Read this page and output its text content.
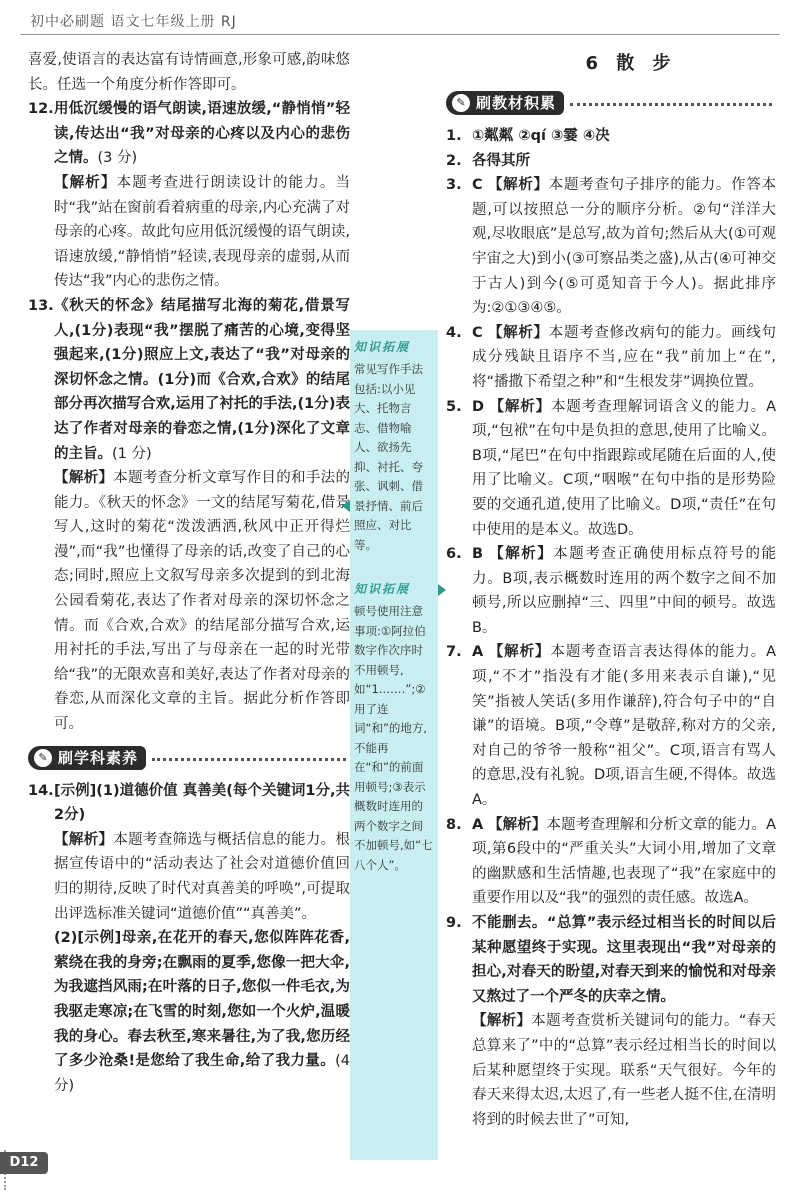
初中必刷题 语文七年级上册 RJ

喜爱,使语言的表达富有诗情画意,形象可感,韵味悠长。任选一个角度分析作答即可。

12. 用低沉缓慢的语气朗读,语速放缓,“静悄悄”轻读,传达出“我”对母亲的心疼以及内心的悲伤之情。(3 分)

【解析】本题考查进行朗读设计的能力。当时“我”站在窗前看着病重的母亲,内心充满了对母亲的心疼。故此句应用低沉缓慢的语气朗读,语速放缓,“静悄悄”轻读,表现母亲的虚弱,从而传达“我”内心的悲伤之情。

13. 《秋天的怀念》结尾描写北海的菊花,借景写人,(1分)表现“我”摆脱了痛苦的心境,变得坚强起来,(1分)照应上文,表达了“我”对母亲的深切怀念之情。(1分)而《合欢,合欢》的结尾部分再次描写合欢,运用了衬托的手法,(1分)表达了作者对母亲的眷恋之情,(1分)深化了文章的主旨。(1 分)

【解析】本题考查分析文章写作目的和手法的能力。《秋天的怀念》一文的结尾写菊花,借景写人,这时的菊花“泼泼洒洒,秋风中正开得烂漫”,而“我”也懂得了母亲的话,改变了自己的心态;同时,照应上文叙写母亲多次提到的到北海公园看菊花,表达了作者对母亲的深切怀念之情。而《合欢,合欢》的结尾部分描写合欢,运用衬托的手法,写出了与母亲在一起的时光带给“我”的无限欢喜和美好,表达了作者对母亲的眷恋,从而深化文章的主旨。据此分析作答即可。

✎ 刷学科素养
14. [示例](1)道德价值 真善美(每个关键词1分,共2分)

【解析】本题考查筛选与概括信息的能力。根据宣传语中的“活动表达了社会对道德价值回归的期待,反映了时代对真善美的呼唤”,可提取出评选标准关键词“道德价值”“真善美”。

(2)[示例]母亲,在花开的春天,您似阵阵花香,萦绕在我的身旁;在飘雨的夏季,您像一把大伞,为我遮挡风雨;在叶落的日子,您似一件毛衣,为我驱走寒凉;在飞雪的时刻,您如一个火炉,温暖我的身心。春去秋至,寒来暑往,为了我,您历经了多少沧桑!是您给了我生命,给了我力量。(4 分)

知识拓展
常见写作手法包括:以小见大、托物言志、借物喻人、欲扬先抑、衬托、夸张、讽刺、借景抒情、前后照应、对比等。
知识拓展
顿号使用注意事项:①阿拉伯数字作次序时不用顿号,如“1.……”;②用了连词“和”的地方,不能再在“和”的前面用顿号;③表示概数时连用的两个数字之间不加顿号,如“七八个人”。
6 散 步
✎ 刷教材积累
1. ①粼粼 ②qí ③霎 ④决

2. 各得其所

3. C 【解析】本题考查句子排序的能力。作答本题,可以按照总一分的顺序分析。②句“洋洋大观,尽收眼底”是总写,故为首句;然后从大(①可观宇宙之大)到小(③可察品类之盛),从古(④可神交于古人)到今(⑤可觅知音于今人)。据此排序为:②①③④⑤。

4. C 【解析】本题考查修改病句的能力。画线句成分残缺且语序不当,应在“我”前加上“在”,将“播撒下希望之种”和“生根发芽”调换位置。

5. D 【解析】本题考查理解词语含义的能力。A项,“包袱”在句中是负担的意思,使用了比喻义。B项,“尾巴”在句中指跟踪或尾随在后面的人,使用了比喻义。C项,“咽喉”在句中指的是形势险要的交通孔道,使用了比喻义。D项,“责任”在句中使用的是本义。故选D。

6. B 【解析】本题考查正确使用标点符号的能力。B项,表示概数时连用的两个数字之间不加顿号,所以应删掉“三、四里”中间的顿号。故选B。

7. A 【解析】本题考查语言表达得体的能力。A项,“不才”指没有才能(多用来表示自谦),“见笑”指被人笑话(多用作谦辞),符合句子中的“自谦”的语境。B项,“令尊”是敬辞,称对方的父亲,对自己的爷爷一般称“祖父”。C项,语言有骂人的意思,没有礼貌。D项,语言生硬,不得体。故选A。

8. A 【解析】本题考查理解和分析文章的能力。A项,第6段中的“严重关头”大词小用,增加了文章的幽默感和生活情趣,也表现了“我”在家庭中的重要作用以及“我”的强烈的责任感。故选A。

9. 不能删去。“总算”表示经过相当长的时间以后某种愿望终于实现。这里表现出“我”对母亲的担心,对春天的盼望,对春天到来的愉悦和对母亲又熬过了一个严冬的庆幸之情。

【解析】本题考查赏析关键词句的能力。“春天总算来了”中的“总算”表示经过相当长的时间以后某种愿望终于实现。联系“天气很好。今年的春天来得太迟,太迟了,有一些老人挺不住,在清明将到的时候去世了”可知,

D12
